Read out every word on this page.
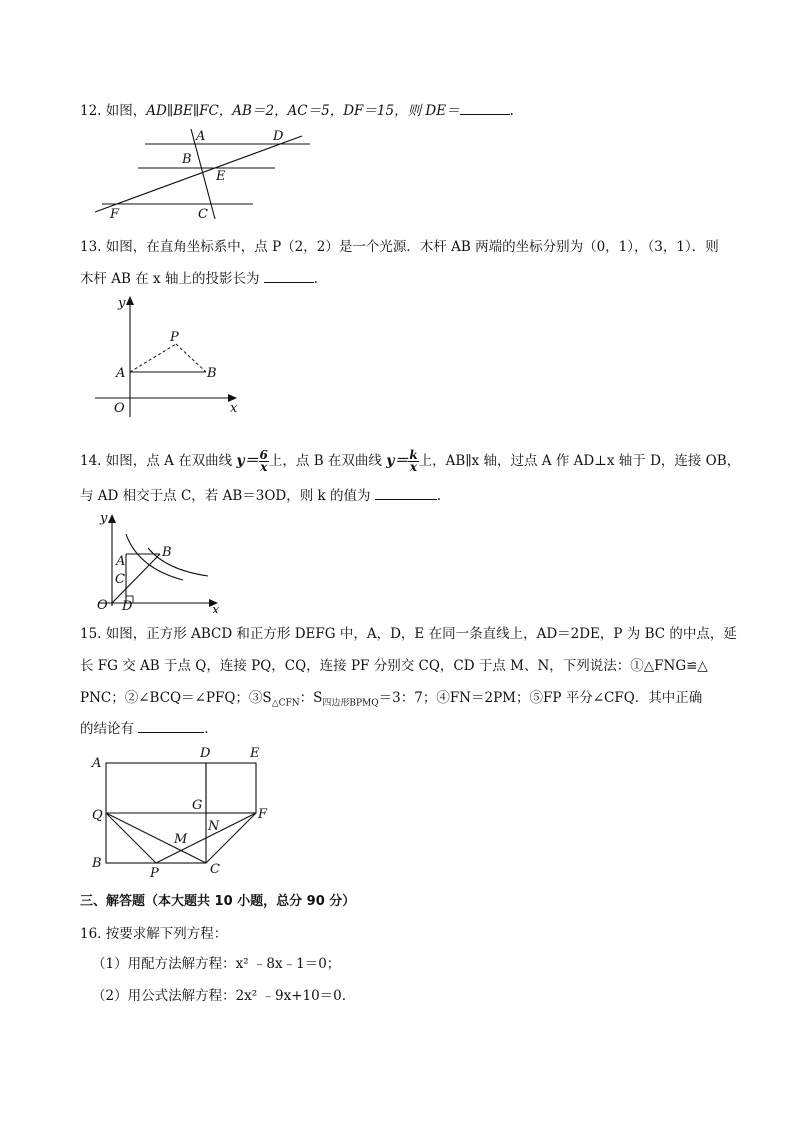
12. 如图，AD∥BE∥FC，AB＝2，AC＝5，DF＝15，则 DE＝	.
A	D
B
E
F	C
13. 如图，在直角坐标系中，点 P（2，2）是一个光源．木杆 AB 两端的坐标分别为（0，1），（3，1）．则
木杆 AB 在 x 轴上的投影长为	.
y
P
A	B
O	x
14. 如图，点 A 在双曲线 $y= \frac{6}{x}$ 上，点 B 在双曲线 $y= \frac{k}{x}$ 上，AB∥x 轴，过点 A 作 AD⊥x 轴于 D，连接 OB，
与 AD 相交于点 C，若 AB＝3OD，则 k 的值为	.
y
B
A
C
O D	x
15. 如图，正方形 ABCD 和正方形 DEFG 中，A，D，E 在同一条直线上，AD＝2DE，P 为 BC 的中点，延
长 FG 交 AB 于点 Q，连接 PQ，CQ，连接 PF 分别交 CQ，CD 于点 M、N，下列说法：①△FNG≌△
PNC；②∠BCQ＝∠PFQ；$③S_{\triangle CFN}$：$S_{四边形BPMQ}=3$：7；④FN＝2PM；⑤FP 平分∠CFQ．其中正确
的结论有	.
A
D	E
G
Q	F
N
M
B
P	C
三、解答题（本大题共 10 小题，总分 90 分）
16. 按要求解下列方程：
（1）用配方法解方程：x² ﹣8x﹣1＝0；
（2）用公式法解方程：2x² ﹣9x+10＝0.
